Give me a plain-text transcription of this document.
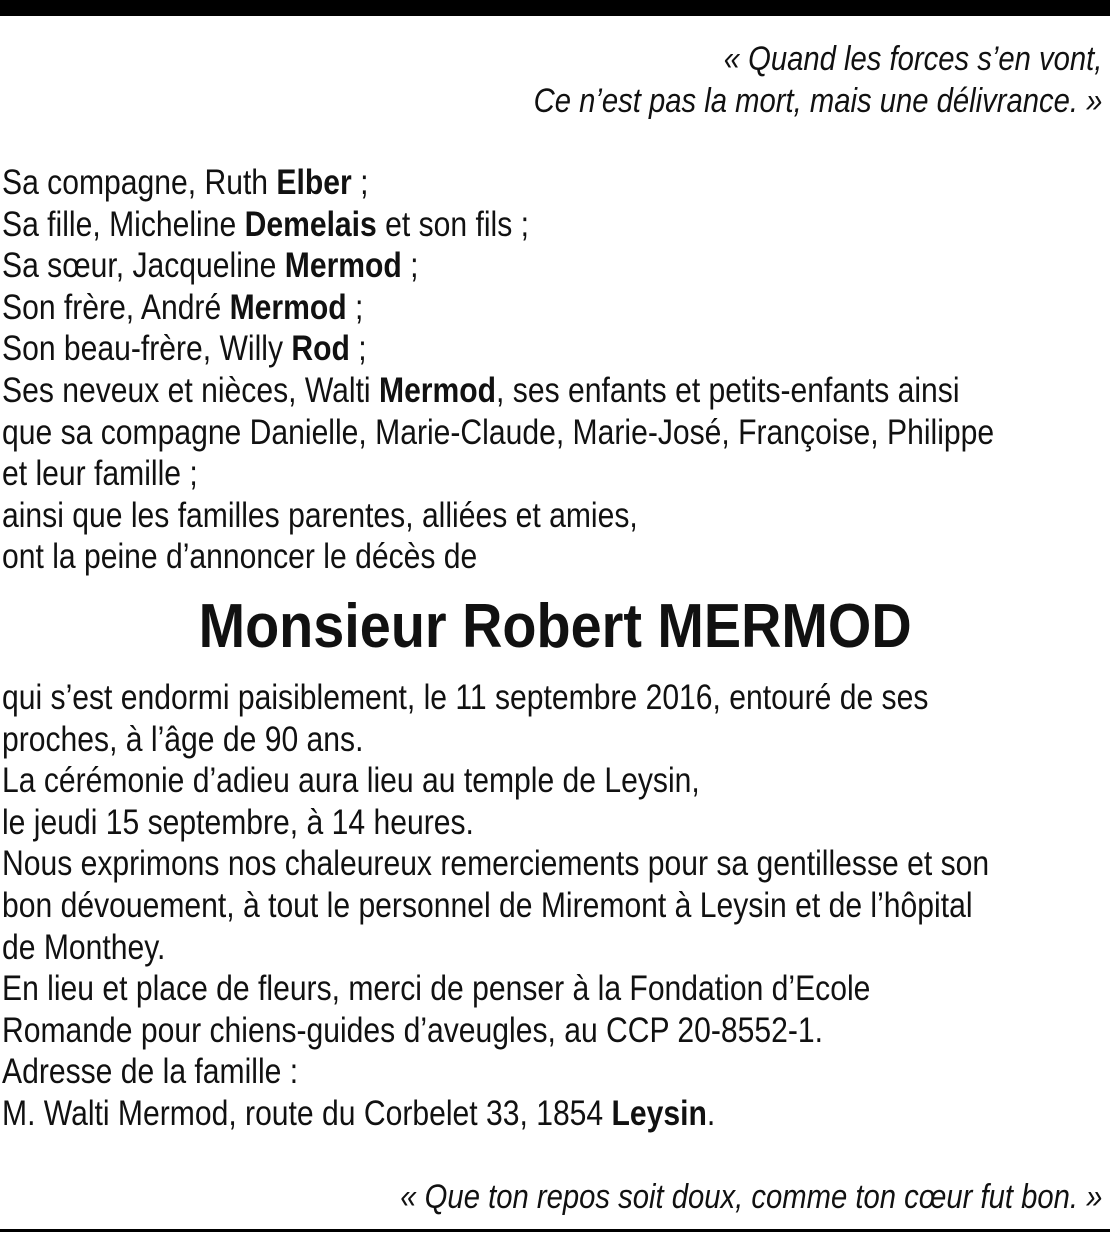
« Quand les forces s’en vont,
Ce n’est pas la mort, mais une délivrance. »
Sa compagne, Ruth Elber ;
Sa fille, Micheline Demelais et son fils ;
Sa sœur, Jacqueline Mermod ;
Son frère, André Mermod ;
Son beau-frère, Willy Rod ;
Ses neveux et nièces, Walti Mermod, ses enfants et petits-enfants ainsi
que sa compagne Danielle, Marie-Claude, Marie-José, Françoise, Philippe
et leur famille ;
ainsi que les familles parentes, alliées et amies,
ont la peine d’annoncer le décès de
Monsieur Robert MERMOD
qui s’est endormi paisiblement, le 11 septembre 2016, entouré de ses
proches, à l’âge de 90 ans.
La cérémonie d’adieu aura lieu au temple de Leysin,
le jeudi 15 septembre, à 14 heures.
Nous exprimons nos chaleureux remerciements pour sa gentillesse et son
bon dévouement, à tout le personnel de Miremont à Leysin et de l’hôpital
de Monthey.
En lieu et place de fleurs, merci de penser à la Fondation d’Ecole
Romande pour chiens-guides d’aveugles, au CCP 20-8552-1.
Adresse de la famille :
M. Walti Mermod, route du Corbelet 33, 1854 Leysin.
« Que ton repos soit doux, comme ton cœur fut bon. »
